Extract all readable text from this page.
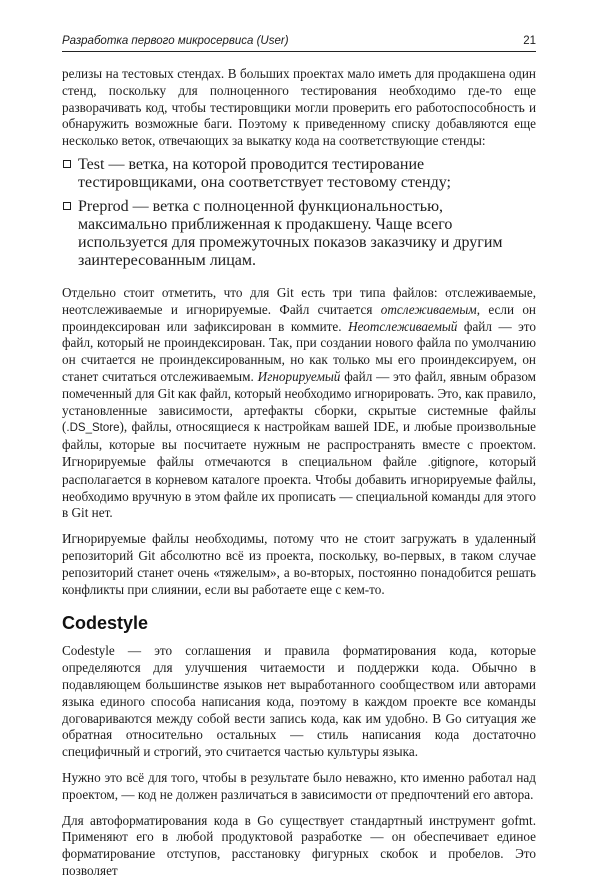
Разработка первого микросервиса (User)	21

релизы на тестовых стендах. В больших проектах мало иметь для продакшена один стенд, поскольку для полноценного тестирования необходимо где-то еще разворачивать код, чтобы тестировщики могли проверить его работоспособность и обнаружить возможные баги. Поэтому к приведенному списку добавляются еще несколько веток, отвечающих за выкатку кода на соответствующие стенды:

Test — ветка, на которой проводится тестирование тестировщиками, она соответствует тестовому стенду;
Preprod — ветка с полноценной функциональностью, максимально приближенная к продакшену. Чаще всего используется для промежуточных показов заказчику и другим заинтересованным лицам.

Отдельно стоит отметить, что для Git есть три типа файлов: отслеживаемые, неотслеживаемые и игнорируемые. Файл считается отслеживаемым, если он проиндексирован или зафиксирован в коммите. Неотслеживаемый файл — это файл, который не проиндексирован. Так, при создании нового файла по умолчанию он считается не проиндексированным, но как только мы его проиндексируем, он станет считаться отслеживаемым. Игнорируемый файл — это файл, явным образом помеченный для Git как файл, который необходимо игнорировать. Это, как правило, установленные зависимости, артефакты сборки, скрытые системные файлы (.DS_Store), файлы, относящиеся к настройкам вашей IDE, и любые произвольные файлы, которые вы посчитаете нужным не распространять вместе с проектом. Игнорируемые файлы отмечаются в специальном файле .gitignore, который располагается в корневом каталоге проекта. Чтобы добавить игнорируемые файлы, необходимо вручную в этом файле их прописать — специальной команды для этого в Git нет.

Игнорируемые файлы необходимы, потому что не стоит загружать в удаленный репозиторий Git абсолютно всё из проекта, поскольку, во-первых, в таком случае репозиторий станет очень «тяжелым», а во-вторых, постоянно понадобится решать конфликты при слиянии, если вы работаете еще с кем-то.

Codestyle

Codestyle — это соглашения и правила форматирования кода, которые определяются для улучшения читаемости и поддержки кода. Обычно в подавляющем большинстве языков нет выработанного сообществом или авторами языка единого способа написания кода, поэтому в каждом проекте все команды договариваются между собой вести запись кода, как им удобно. В Go ситуация же обратная относительно остальных — стиль написания кода достаточно специфичный и строгий, это считается частью культуры языка.

Нужно это всё для того, чтобы в результате было неважно, кто именно работал над проектом, — код не должен различаться в зависимости от предпочтений его автора.

Для автоформатирования кода в Go существует стандартный инструмент gofmt. Применяют его в любой продуктовой разработке — он обеспечивает единое форматирование отступов, расстановку фигурных скобок и пробелов. Это позволяет
